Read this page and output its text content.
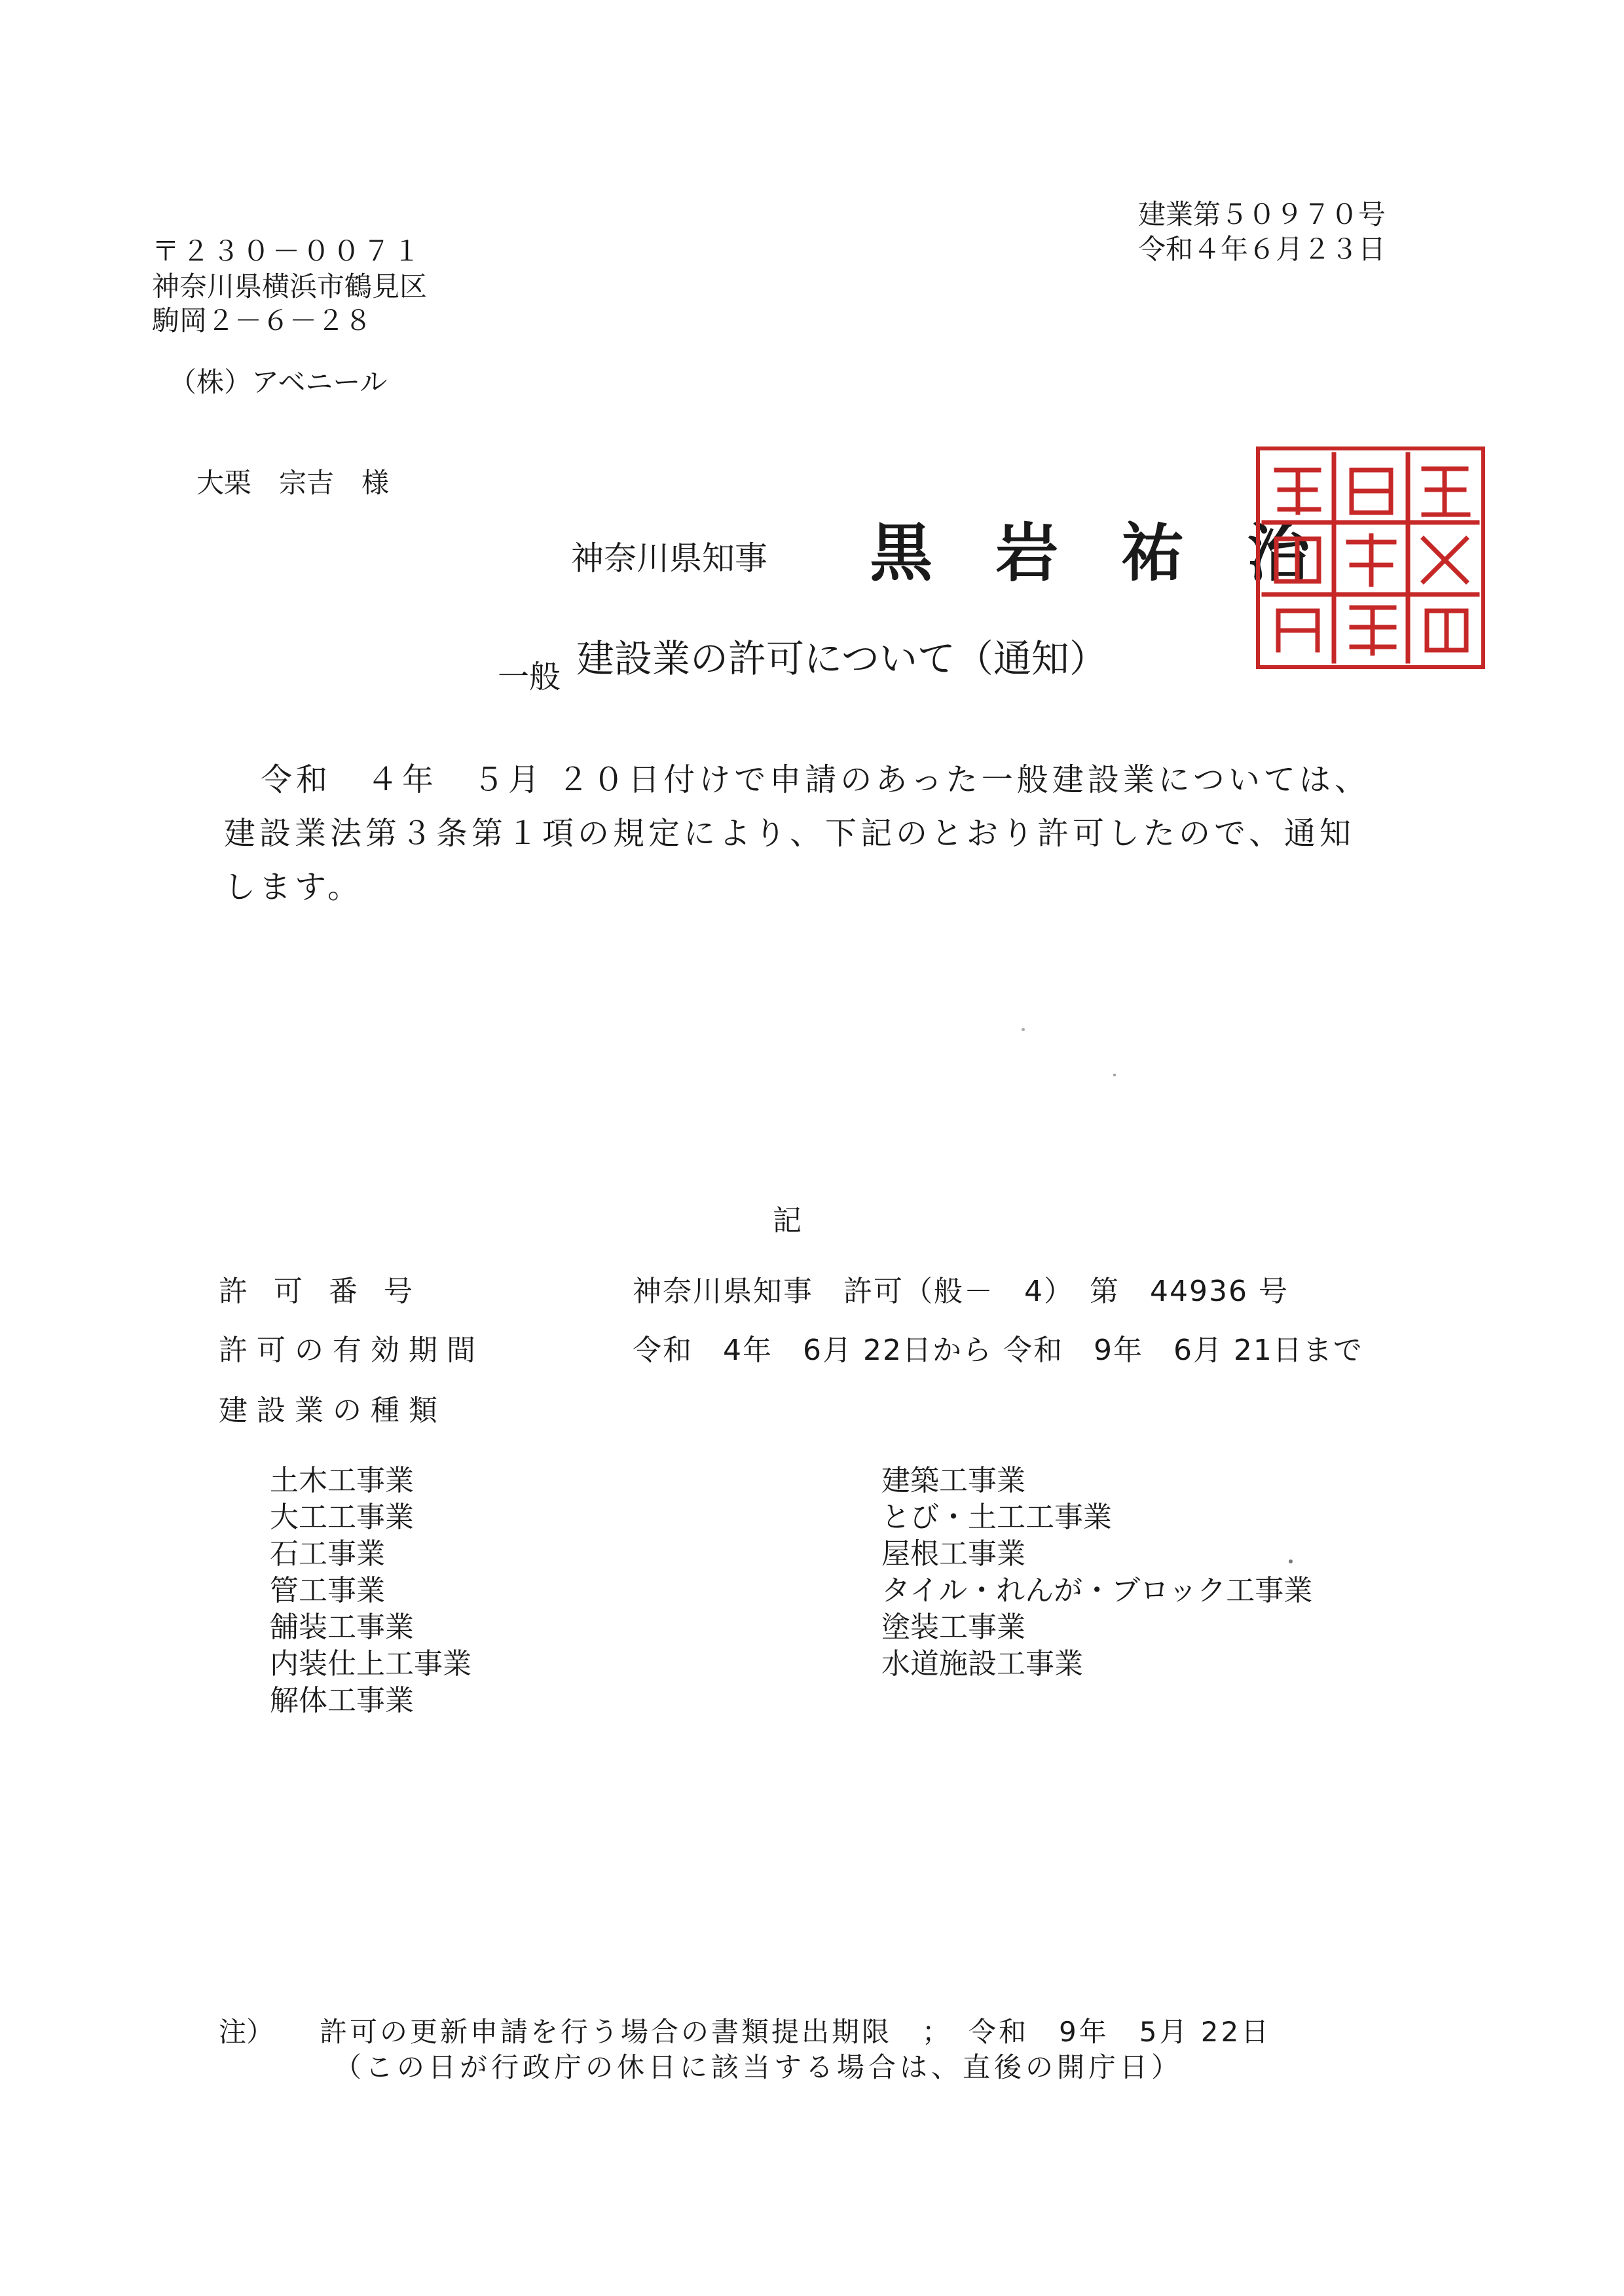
建業第５０９７０号
令和４年６月２３日
〒２３０－００７１
神奈川県横浜市鶴見区
駒岡２－６－２８
（株）アベニール
大栗　宗吉　様
神奈川県知事 黒　岩　祐　治
一般 建設業の許可について（通知）
令和　４年　５月 ２０日付けで申請のあった一般建設業については、
建設業法第３条第１項の規定により、下記のとおり許可したので、通知
します。
記
許可番号	神奈川県知事　許可（般－　4）　第　44936 号
許可の有効期間	令和　4年　6月 22日から 令和　9年　6月 21日まで
建設業の種類
土木工事業
大工工事業
石工事業
管工事業
舗装工事業
内装仕上工事業
解体工事業
建築工事業
とび・土工工事業
屋根工事業
タイル・れんが・ブロック工事業
塗装工事業
水道施設工事業
注） 許可の更新申請を行う場合の書類提出期限　；　令和　9年　5月 22日
（この日が行政庁の休日に該当する場合は、直後の開庁日）
